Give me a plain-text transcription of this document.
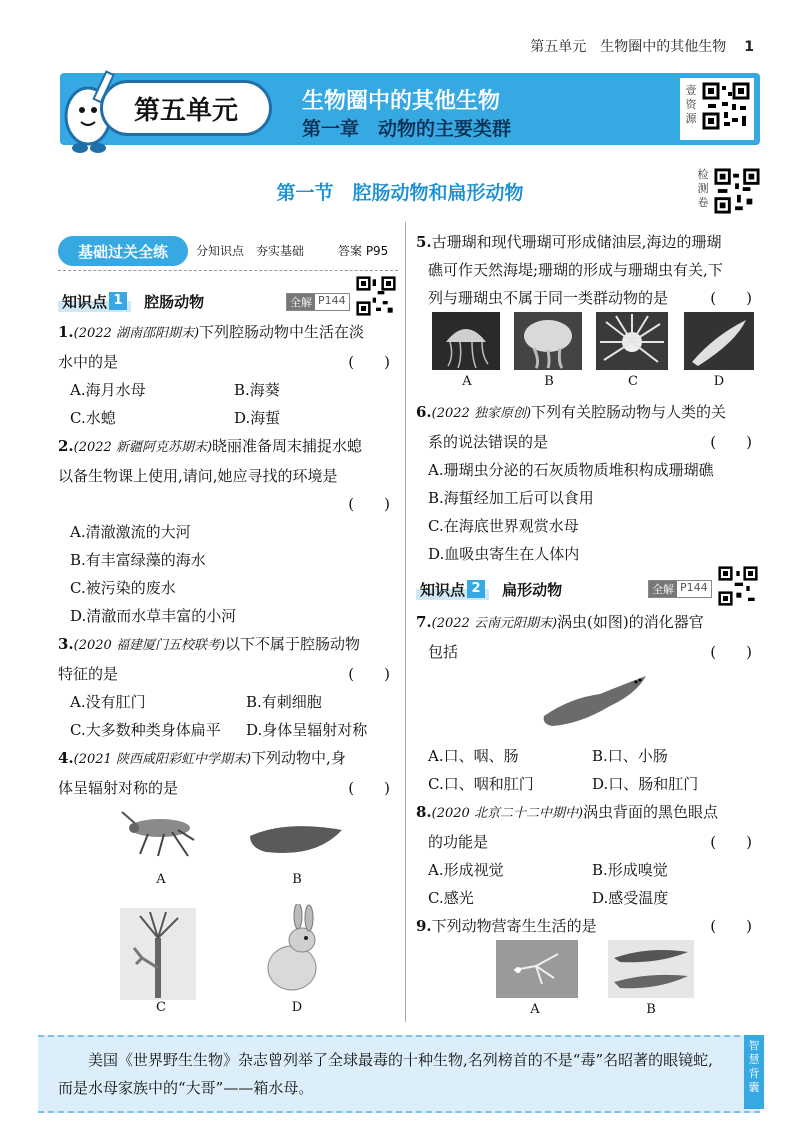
第五单元　生物圈中的其他生物 1
第五单元	生物圈中的其他生物
第一章　动物的主要类群
壹资源
第一节　腔肠动物和扁形动物
检测卷
基础过关全练	分知识点　夯实基础	答案 P95
知识点 1 腔肠动物	全解 P144

1.(2022 湖南邵阳期末)下列腔肠动物中生活在淡

水中的是	(　　)

A.海月水母	B.海葵
C.水螅	D.海蜇

2.(2022 新疆阿克苏期末)晓丽准备周末捕捉水螅

以备生物课上使用,请问,她应寻找的环境是

(　　)

A.清澈激流的大河

B.有丰富绿藻的海水

C.被污染的废水

D.清澈而水草丰富的小河

3.(2020 福建厦门五校联考)以下不属于腔肠动物

特征的是	(　　)

A.没有肛门	B.有刺细胞
C.大多数种类身体扁平	D.身体呈辐射对称

4.(2021 陕西咸阳彩虹中学期末)下列动物中,身

体呈辐射对称的是	(　　)

A	B
C	D

5.古珊瑚和现代珊瑚可形成储油层,海边的珊瑚

礁可作天然海堤;珊瑚的形成与珊瑚虫有关,下

列与珊瑚虫不属于同一类群动物的是	(　　)

A	B	C	D

6.(2022 独家原创)下列有关腔肠动物与人类的关

系的说法错误的是	(　　)

A.珊瑚虫分泌的石灰质物质堆积构成珊瑚礁

B.海蜇经加工后可以食用

C.在海底世界观赏水母

D.血吸虫寄生在人体内

知识点 2 扁形动物	全解 P144

7.(2022 云南元阳期末)涡虫(如图)的消化器官

包括	(　　)

A.口、咽、肠	B.口、小肠
C.口、咽和肛门	D.口、肠和肛门

8.(2020 北京二十二中期中)涡虫背面的黑色眼点

的功能是	(　　)

A.形成视觉	B.形成嗅觉
C.感光	D.感受温度

9.下列动物营寄生生活的是	(　　)

A	B
美国《世界野生生物》杂志曾列举了全球最毒的十种生物,名列榜首的不是“毒”名昭著的眼镜蛇,而是水母家族中的“大哥”——箱水母。
智慧背囊
